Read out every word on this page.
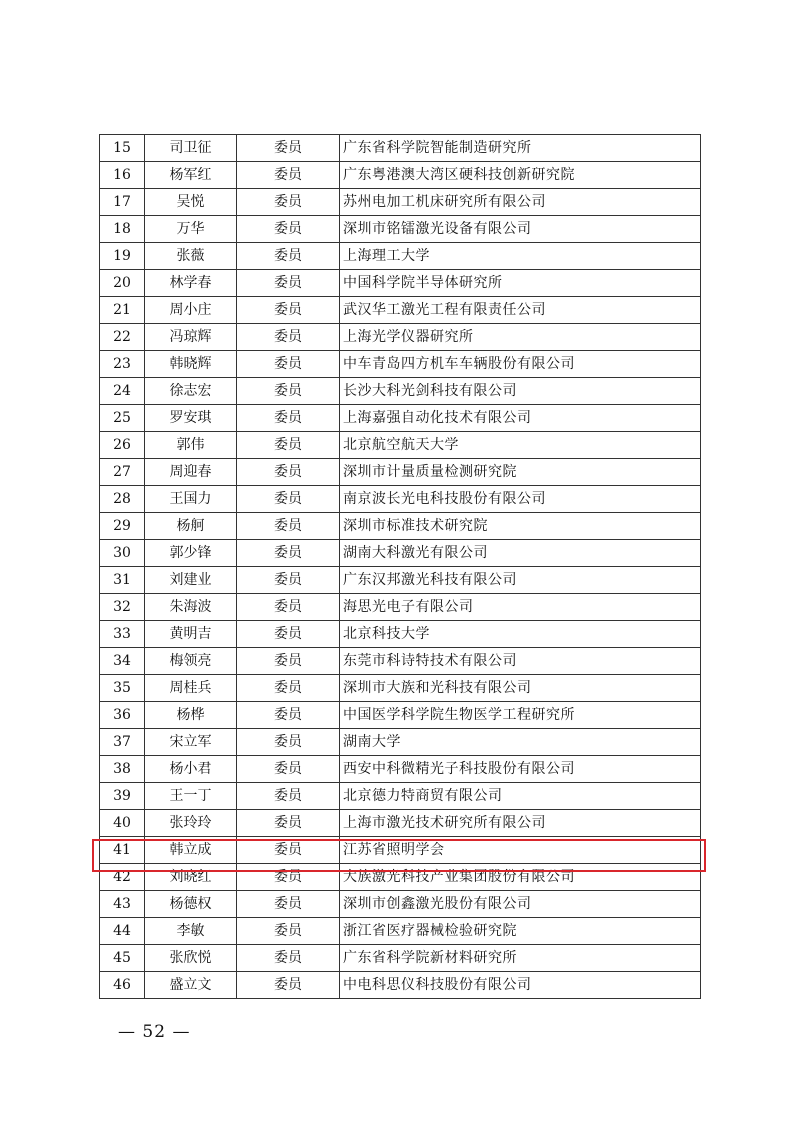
15	司卫征	委员	广东省科学院智能制造研究所
16	杨军红	委员	广东粤港澳大湾区硬科技创新研究院
17	吴悦	委员	苏州电加工机床研究所有限公司
18	万华	委员	深圳市铭镭激光设备有限公司
19	张薇	委员	上海理工大学
20	林学春	委员	中国科学院半导体研究所
21	周小庄	委员	武汉华工激光工程有限责任公司
22	冯琼辉	委员	上海光学仪器研究所
23	韩晓辉	委员	中车青岛四方机车车辆股份有限公司
24	徐志宏	委员	长沙大科光剑科技有限公司
25	罗安琪	委员	上海嘉强自动化技术有限公司
26	郭伟	委员	北京航空航天大学
27	周迎春	委员	深圳市计量质量检测研究院
28	王国力	委员	南京波长光电科技股份有限公司
29	杨舸	委员	深圳市标准技术研究院
30	郭少锋	委员	湖南大科激光有限公司
31	刘建业	委员	广东汉邦激光科技有限公司
32	朱海波	委员	海思光电子有限公司
33	黄明吉	委员	北京科技大学
34	梅领亮	委员	东莞市科诗特技术有限公司
35	周桂兵	委员	深圳市大族和光科技有限公司
36	杨桦	委员	中国医学科学院生物医学工程研究所
37	宋立军	委员	湖南大学
38	杨小君	委员	西安中科微精光子科技股份有限公司
39	王一丁	委员	北京德力特商贸有限公司
40	张玲玲	委员	上海市激光技术研究所有限公司
41	韩立成	委员	江苏省照明学会
42	刘晓红	委员	大族激光科技产业集团股份有限公司
43	杨德权	委员	深圳市创鑫激光股份有限公司
44	李敏	委员	浙江省医疗器械检验研究院
45	张欣悦	委员	广东省科学院新材料研究所
46	盛立文	委员	中电科思仪科技股份有限公司
— 52 —
